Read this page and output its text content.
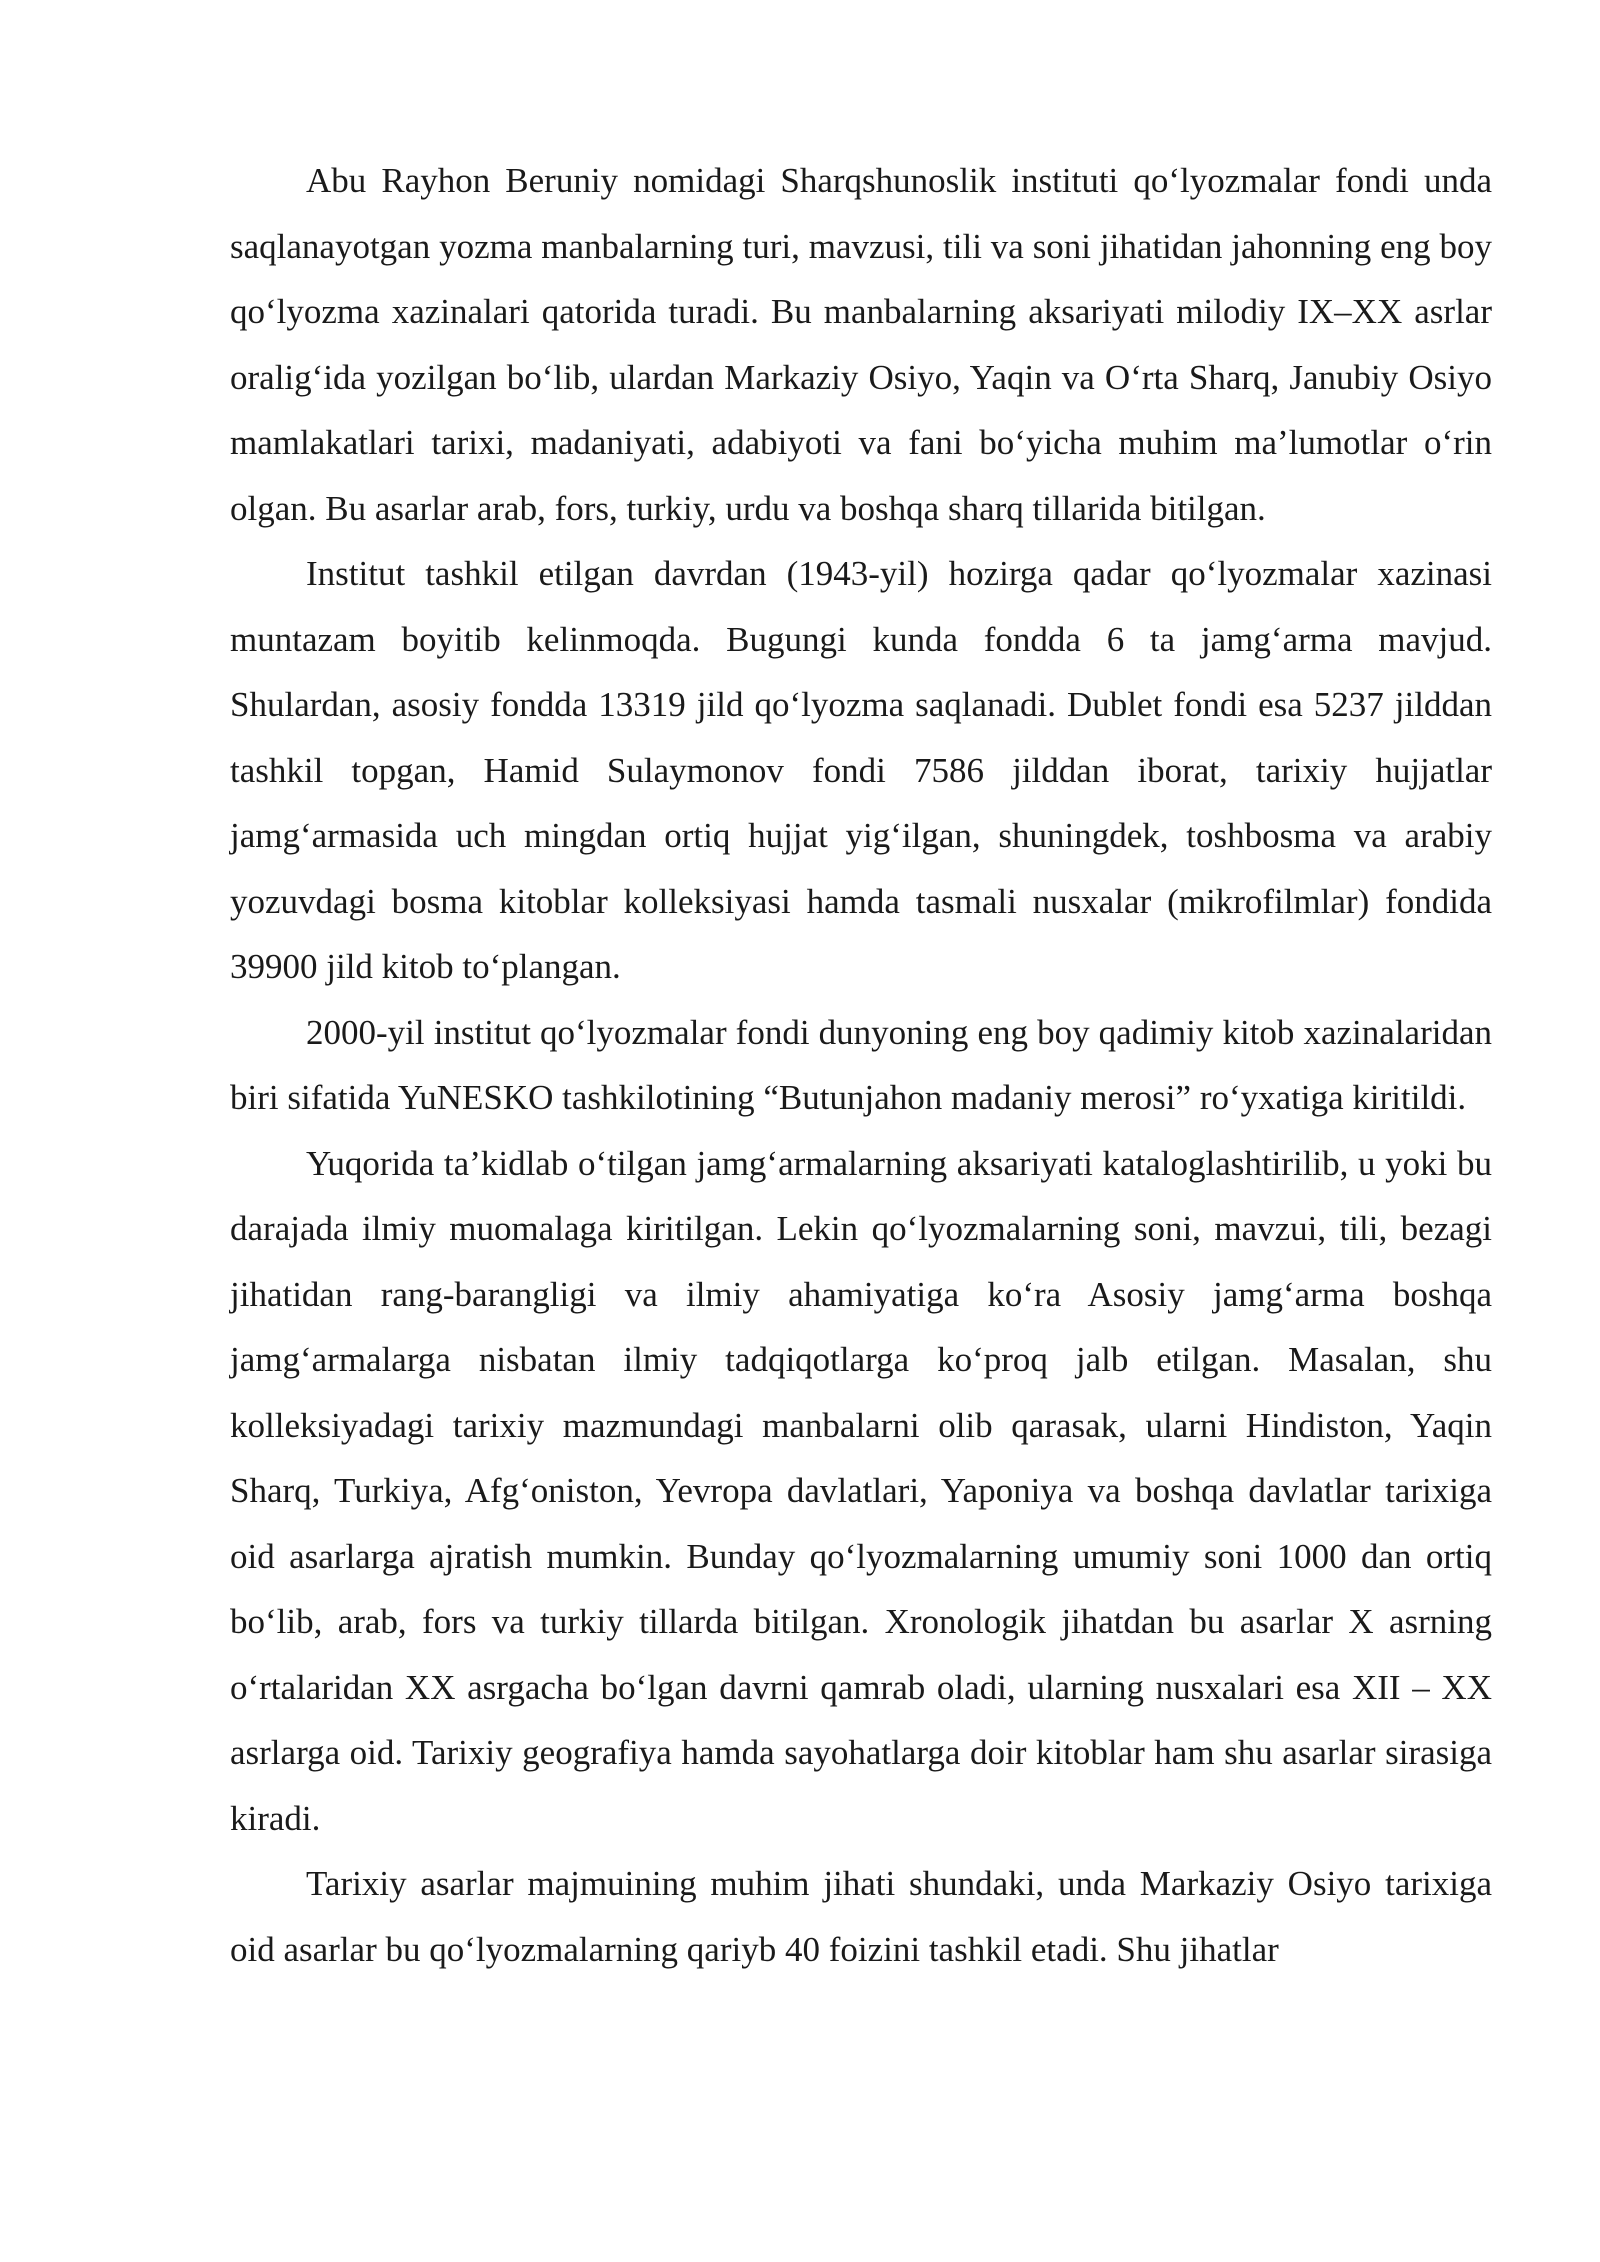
Abu Rayhon Beruniy nomidagi Sharqshunoslik instituti qo‘lyozmalar fondi unda saqlanayotgan yozma manbalarning turi, mavzusi, tili va soni jihatidan jahonning eng boy qo‘lyozma xazinalari qatorida turadi. Bu manbalarning aksariyati milodiy IX–XX asrlar oralig‘ida yozilgan bo‘lib, ulardan Markaziy Osiyo, Yaqin va O‘rta Sharq, Janubiy Osiyo mamlakatlari tarixi, madaniyati, adabiyoti va fani bo‘yicha muhim ma’lumotlar o‘rin olgan. Bu asarlar arab, fors, turkiy, urdu va boshqa sharq tillarida bitilgan.

Institut tashkil etilgan davrdan (1943-yil) hozirga qadar qo‘lyozmalar xazinasi muntazam boyitib kelinmoqda. Bugungi kunda fondda 6 ta jamg‘arma mavjud. Shulardan, asosiy fondda 13319 jild qo‘lyozma saqlanadi. Dublet fondi esa 5237 jilddan tashkil topgan, Hamid Sulaymonov fondi 7586 jilddan iborat, tarixiy hujjatlar jamg‘armasida uch mingdan ortiq hujjat yig‘ilgan, shuningdek, toshbosma va arabiy yozuvdagi bosma kitoblar kolleksiyasi hamda tasmali nusxalar (mikrofilmlar) fondida 39900 jild kitob to‘plangan.

2000-yil institut qo‘lyozmalar fondi dunyoning eng boy qadimiy kitob xazinalaridan biri sifatida YuNESKO tashkilotining “Butunjahon madaniy merosi” ro‘yxatiga kiritildi.

Yuqorida ta’kidlab o‘tilgan jamg‘armalarning aksariyati kataloglashtirilib, u yoki bu darajada ilmiy muomalaga kiritilgan. Lekin qo‘lyozmalarning soni, mavzui, tili, bezagi jihatidan rang-barangligi va ilmiy ahamiyatiga ko‘ra Asosiy jamg‘arma boshqa jamg‘armalarga nisbatan ilmiy tadqiqotlarga ko‘proq jalb etilgan. Masalan, shu kolleksiyadagi tarixiy mazmundagi manbalarni olib qarasak, ularni Hindiston, Yaqin Sharq, Turkiya, Afg‘oniston, Yevropa davlatlari, Yaponiya va boshqa davlatlar tarixiga oid asarlarga ajratish mumkin. Bunday qo‘lyozmalarning umumiy soni 1000 dan ortiq bo‘lib, arab, fors va turkiy tillarda bitilgan. Xronologik jihatdan bu asarlar X asrning o‘rtalaridan XX asrgacha bo‘lgan davrni qamrab oladi, ularning nusxalari esa XII – XX asrlarga oid. Tarixiy geografiya hamda sayohatlarga doir kitoblar ham shu asarlar sirasiga kiradi.

Tarixiy asarlar majmuining muhim jihati shundaki, unda Markaziy Osiyo tarixiga oid asarlar bu qo‘lyozmalarning qariyb 40 foizini tashkil etadi. Shu jihatlar
